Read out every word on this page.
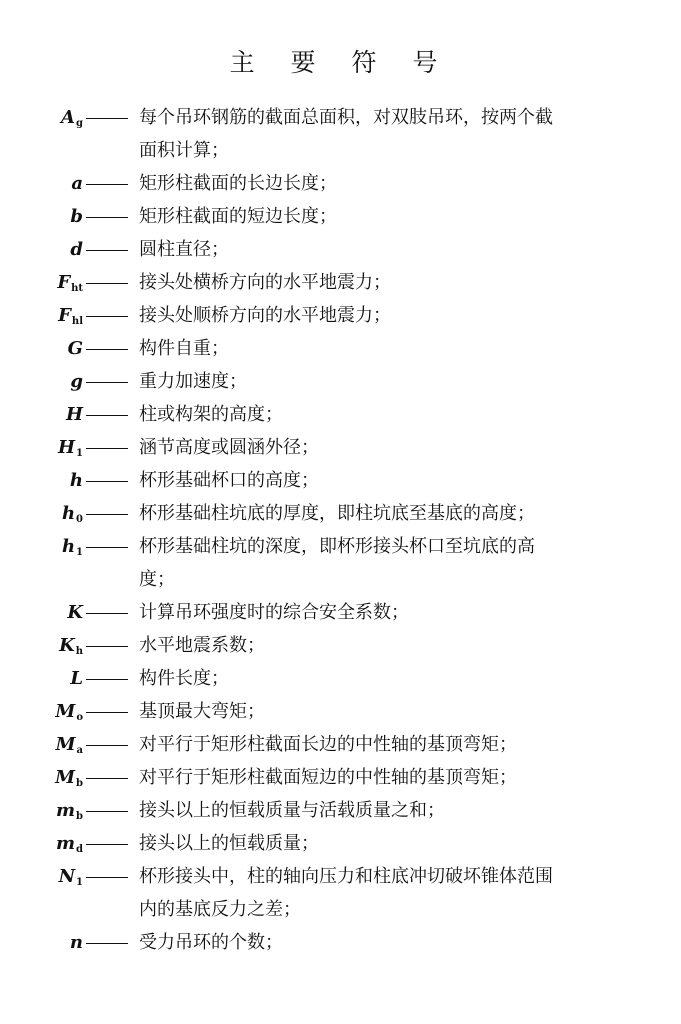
主 要 符 号
$A_g$	每个吊环钢筋的截面总面积，对双肢吊环，按两个截
面积计算；
a	矩形柱截面的长边长度；
b	矩形柱截面的短边长度；
d	圆柱直径；
$F_{ht}$	接头处横桥方向的水平地震力；
$F_{hl}$	接头处顺桥方向的水平地震力；
G	构件自重；
g	重力加速度；
H	柱或构架的高度；
$H_1$	涵节高度或圆涵外径；
h	杯形基础杯口的高度；
$h_0$	杯形基础柱坑底的厚度，即柱坑底至基底的高度；
$h_1$	杯形基础柱坑的深度，即杯形接头杯口至坑底的高
度；
K	计算吊环强度时的综合安全系数；
$K_h$	水平地震系数；
L	构件长度；
$M_o$	基顶最大弯矩；
$M_a$	对平行于矩形柱截面长边的中性轴的基顶弯矩；
$M_b$	对平行于矩形柱截面短边的中性轴的基顶弯矩；
$m_b$	接头以上的恒载质量与活载质量之和；
$m_d$	接头以上的恒载质量；
$N_1$	杯形接头中，柱的轴向压力和柱底冲切破坏锥体范围
内的基底反力之差；
n	受力吊环的个数；
